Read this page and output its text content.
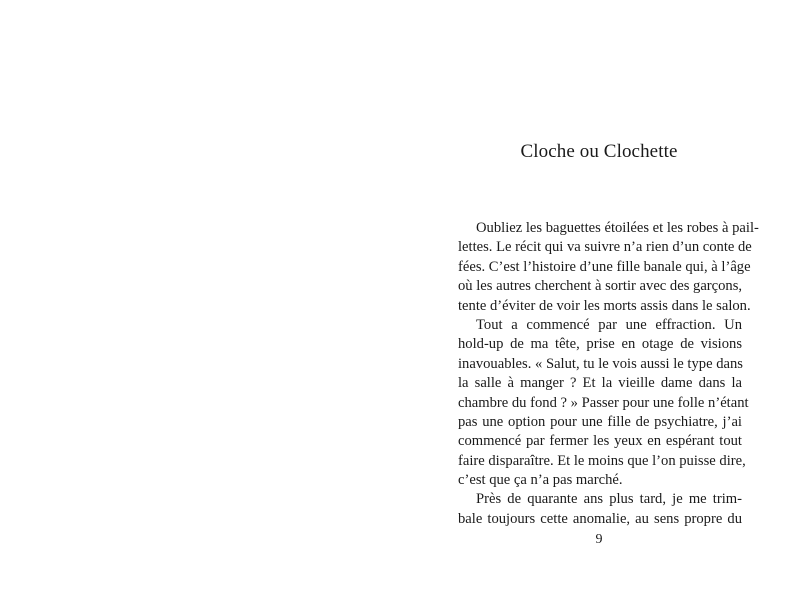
Cloche ou Clochette
Oubliez les baguettes étoilées et les robes à pail-
lettes. Le récit qui va suivre n’a rien d’un conte de
fées. C’est l’histoire d’une fille banale qui, à l’âge
où les autres cherchent à sortir avec des garçons,
tente d’éviter de voir les morts assis dans le salon.
Tout a commencé par une effraction. Un
hold-up de ma tête, prise en otage de visions
inavouables. « Salut, tu le vois aussi le type dans
la salle à manger ? Et la vieille dame dans la
chambre du fond ? » Passer pour une folle n’étant
pas une option pour une fille de psychiatre, j’ai
commencé par fermer les yeux en espérant tout
faire disparaître. Et le moins que l’on puisse dire,
c’est que ça n’a pas marché.
Près de quarante ans plus tard, je me trim-
bale toujours cette anomalie, au sens propre du
9
